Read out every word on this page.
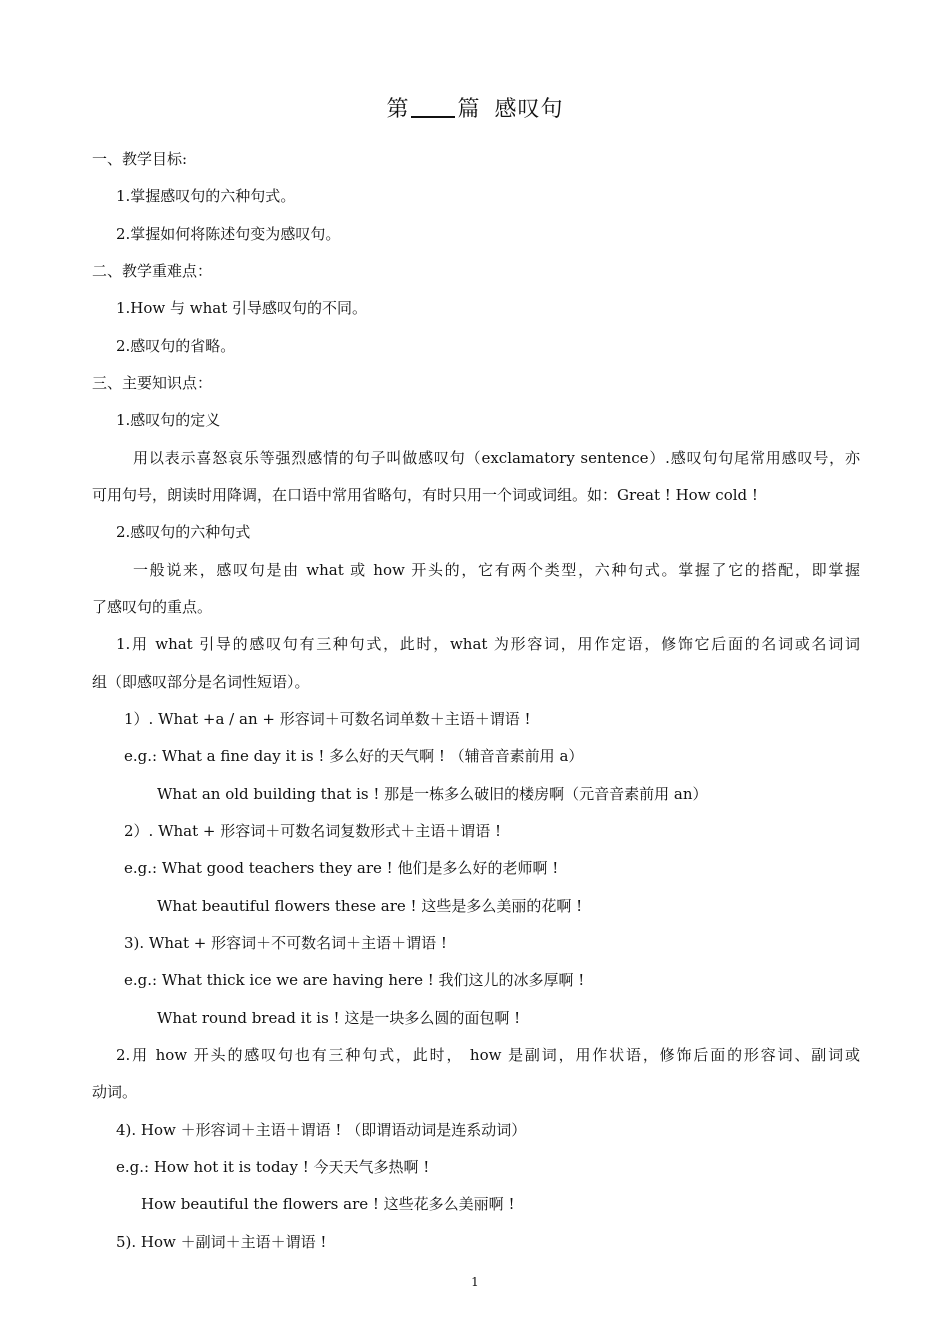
第 篇 感叹句
一、教学目标:
1.掌握感叹句的六种句式。
2.掌握如何将陈述句变为感叹句。
二、教学重难点：
1.How 与 what 引导感叹句的不同。
2.感叹句的省略。
三、主要知识点：
1.感叹句的定义
用以表示喜怒哀乐等强烈感情的句子叫做感叹句（exclamatory sentence）.感叹句句尾常用感叹号，亦
可用句号，朗读时用降调，在口语中常用省略句，有时只用一个词或词组。如：Great ! How cold !
2.感叹句的六种句式
一般说来，感叹句是由 what 或 how 开头的，它有两个类型，六种句式。掌握了它的搭配，即掌握
了感叹句的重点。
1.用 what 引导的感叹句有三种句式，此时，what 为形容词，用作定语，修饰它后面的名词或名词词
组（即感叹部分是名词性短语）。
1）. What +a / an + 形容词＋可数名词单数＋主语＋谓语 !
e.g.: What a fine day it is ! 多么好的天气啊 ! （辅音音素前用 a）
What an old building that is ! 那是一栋多么破旧的楼房啊（元音音素前用 an）
2）. What + 形容词＋可数名词复数形式＋主语＋谓语 !
e.g.: What good teachers they are ! 他们是多么好的老师啊 !
What beautiful flowers these are ! 这些是多么美丽的花啊 !
3). What + 形容词＋不可数名词＋主语＋谓语 !
e.g.: What thick ice we are having here ! 我们这儿的冰多厚啊 !
What round bread it is ! 这是一块多么圆的面包啊 !
2.用 how 开头的感叹句也有三种句式，此时， how 是副词，用作状语，修饰后面的形容词、副词或
动词。
4). How ＋形容词＋主语＋谓语 ! （即谓语动词是连系动词）
e.g.: How hot it is today ! 今天天气多热啊 !
How beautiful the flowers are ! 这些花多么美丽啊 !
5). How ＋副词＋主语＋谓语 !
1
